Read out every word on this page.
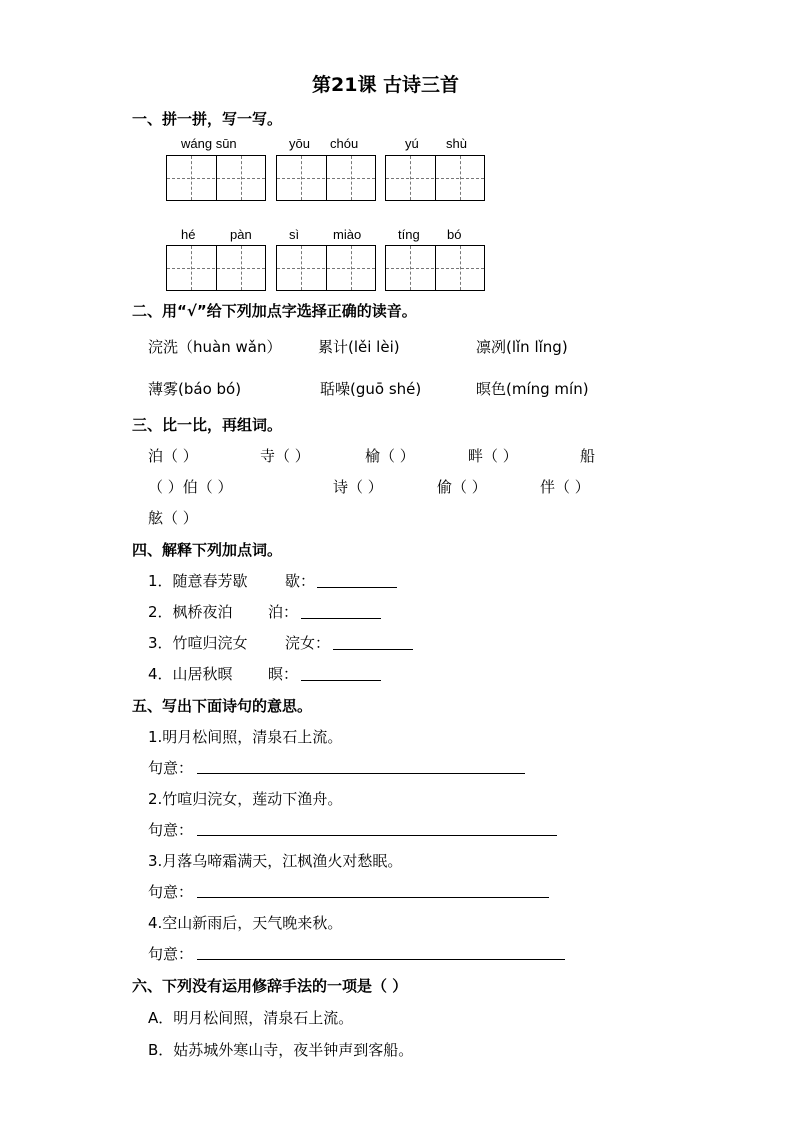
第21课 古诗三首
一、拼一拼，写一写。
wáng sūn	yōu chóu	yú shù
hé	pàn	sì	miào	tíng bó
二、用“√”给下列加点字选择正确的读音。
浣洗（huàn wǎn） 累计(lěi lèi)	凛冽(lǐn lǐng)
薄雾(báo bó)	聒噪(guō shé)	暝色(míng mín)
三、比一比，再组词。
泊（ ）	寺（ ）	榆（ ）	畔（ ）	船
（ ）伯（ ）	诗（ ）	偷（ ）	伴（ ）
舷（ ）
四、解释下列加点词。
1．随意春芳歇 歇：
2．枫桥夜泊 泊：
3．竹喧归浣女 浣女：
4．山居秋暝 暝：
五、写出下面诗句的意思。
1.明月松间照，清泉石上流。
句意：
2.竹喧归浣女，莲动下渔舟。
句意：
3.月落乌啼霜满天，江枫渔火对愁眠。
句意：
4.空山新雨后，天气晚来秋。
句意：
六、下列没有运用修辞手法的一项是（ ）
A．明月松间照，清泉石上流。
B．姑苏城外寒山寺，夜半钟声到客船。
